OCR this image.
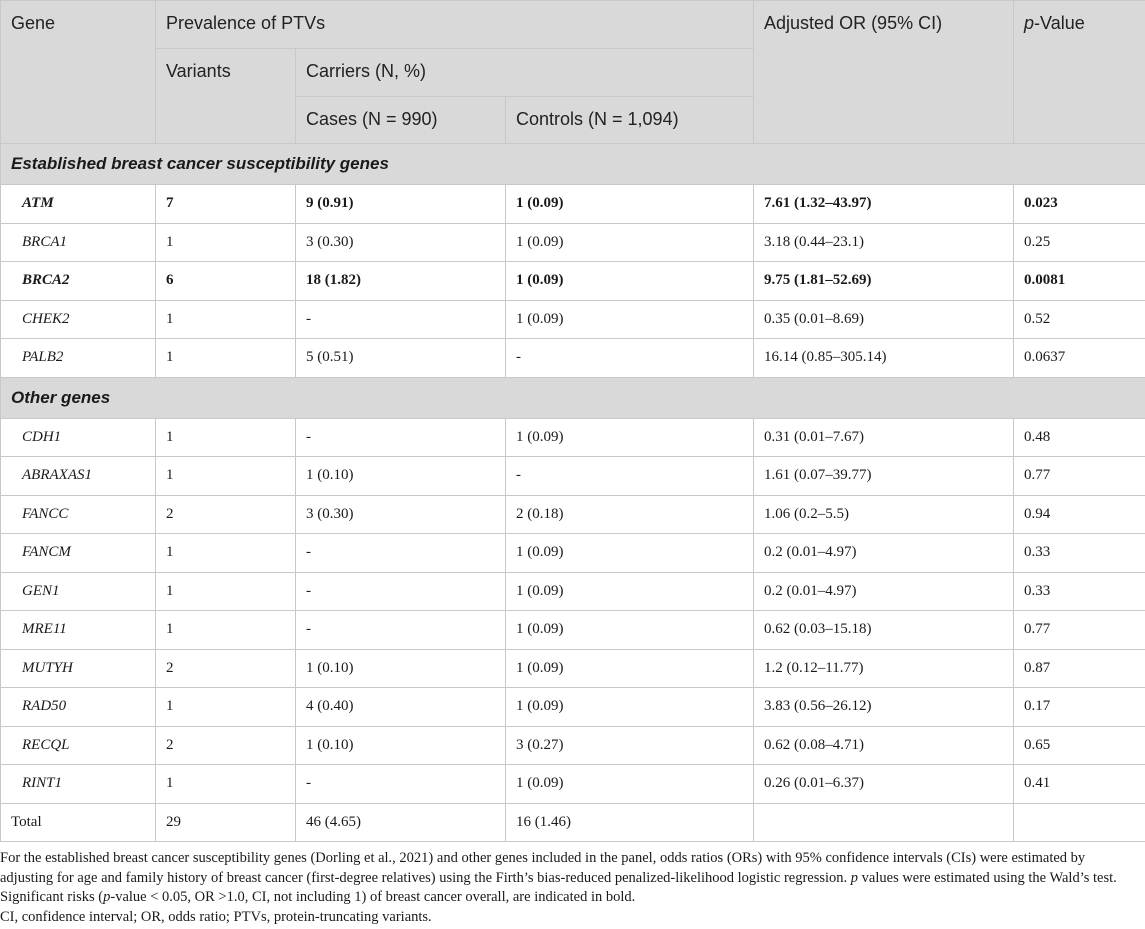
Gene	Prevalence of PTVs			Adjusted OR (95% CI)	p-Value
	Variants	Carriers (N, %)			
		Cases (N = 990)	Controls (N = 1,094)		
Established breast cancer susceptibility genes					
ATM	7	9 (0.91)	1 (0.09)	7.61 (1.32–43.97)	0.023
BRCA1	1	3 (0.30)	1 (0.09)	3.18 (0.44–23.1)	0.25
BRCA2	6	18 (1.82)	1 (0.09)	9.75 (1.81–52.69)	0.0081
CHEK2	1	-	1 (0.09)	0.35 (0.01–8.69)	0.52
PALB2	1	5 (0.51)	-	16.14 (0.85–305.14)	0.0637
Other genes					
CDH1	1	-	1 (0.09)	0.31 (0.01–7.67)	0.48
ABRAXAS1	1	1 (0.10)	-	1.61 (0.07–39.77)	0.77
FANCC	2	3 (0.30)	2 (0.18)	1.06 (0.2–5.5)	0.94
FANCM	1	-	1 (0.09)	0.2 (0.01–4.97)	0.33
GEN1	1	-	1 (0.09)	0.2 (0.01–4.97)	0.33
MRE11	1	-	1 (0.09)	0.62 (0.03–15.18)	0.77
MUTYH	2	1 (0.10)	1 (0.09)	1.2 (0.12–11.77)	0.87
RAD50	1	4 (0.40)	1 (0.09)	3.83 (0.56–26.12)	0.17
RECQL	2	1 (0.10)	3 (0.27)	0.62 (0.08–4.71)	0.65
RINT1	1	-	1 (0.09)	0.26 (0.01–6.37)	0.41
Total	29	46 (4.65)	16 (1.46)		

For the established breast cancer susceptibility genes (Dorling et al., 2021) and other genes included in the panel, odds ratios (ORs) with 95% confidence intervals (CIs) were estimated by adjusting for age and family history of breast cancer (first-degree relatives) using the Firth’s bias-reduced penalized-likelihood logistic regression. p values were estimated using the Wald’s test.

Significant risks (p-value < 0.05, OR >1.0, CI, not including 1) of breast cancer overall, are indicated in bold.

CI, confidence interval; OR, odds ratio; PTVs, protein-truncating variants.
